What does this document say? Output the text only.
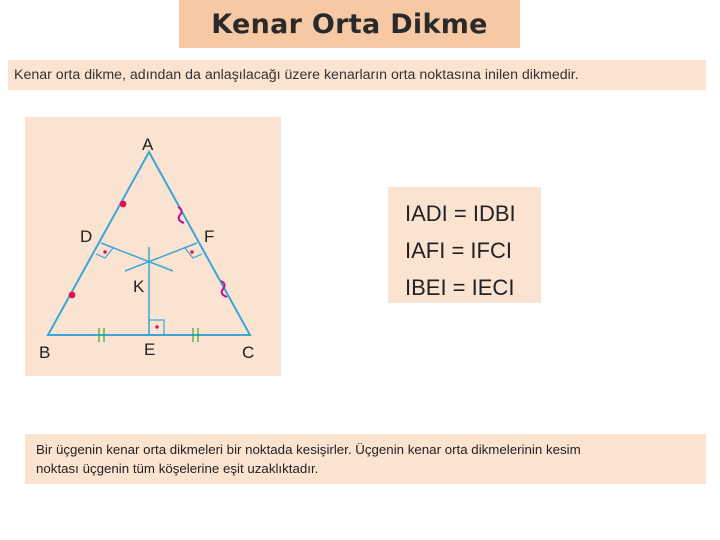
Kenar Orta Dikme
Kenar orta dikme, adından da anlaşılacağı üzere kenarların orta noktasına inilen dikmedir.
A
B	C
D
E
F
K
IADI = IDBI
IAFI = IFCI
IBEI = IECI
Bir üçgenin kenar orta dikmeleri bir noktada kesişirler. Üçgenin kenar orta dikmelerinin kesim
noktası üçgenin tüm köşelerine eşit uzaklıktadır.
